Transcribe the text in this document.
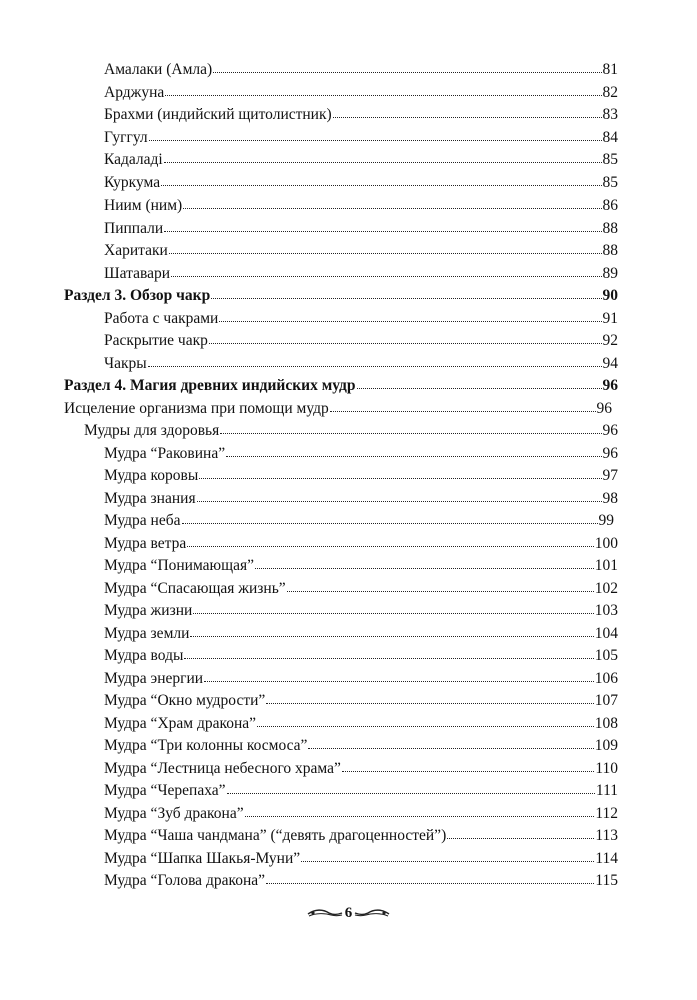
Амалаки (Амла)	81
Арджуна	82
Брахми (индийский щитолистник)	83
Гуггул	84
Кадаладі	85
Куркума	85
Ниим (ним)	86
Пиппали	88
Харитаки	88
Шатавари	89
Раздел 3. Обзор чакр	90
Работа с чакрами	91
Раскрытие чакр	92
Чакры	94
Раздел 4. Магия древних индийских мудр	96
Исцеление организма при помощи мудр	96
Мудры для здоровья	96
Мудра “Раковина”	96
Мудра коровы	97
Мудра знания	98
Мудра неба	99
Мудра ветра	100
Мудра “Понимающая”	101
Мудра “Спасающая жизнь”	102
Мудра жизни	103
Мудра земли	104
Мудра воды	105
Мудра энергии	106
Мудра “Окно мудрости”	107
Мудра “Храм дракона”	108
Мудра “Три колонны космоса”	109
Мудра “Лестница небесного храма”	110
Мудра “Черепаха”	111
Мудра “Зуб дракона”	112
Мудра “Чаша чандмана” (“девять драгоценностей”)	113
Мудра “Шапка Шакья-Муни”	114
Мудра “Голова дракона”	115
6
